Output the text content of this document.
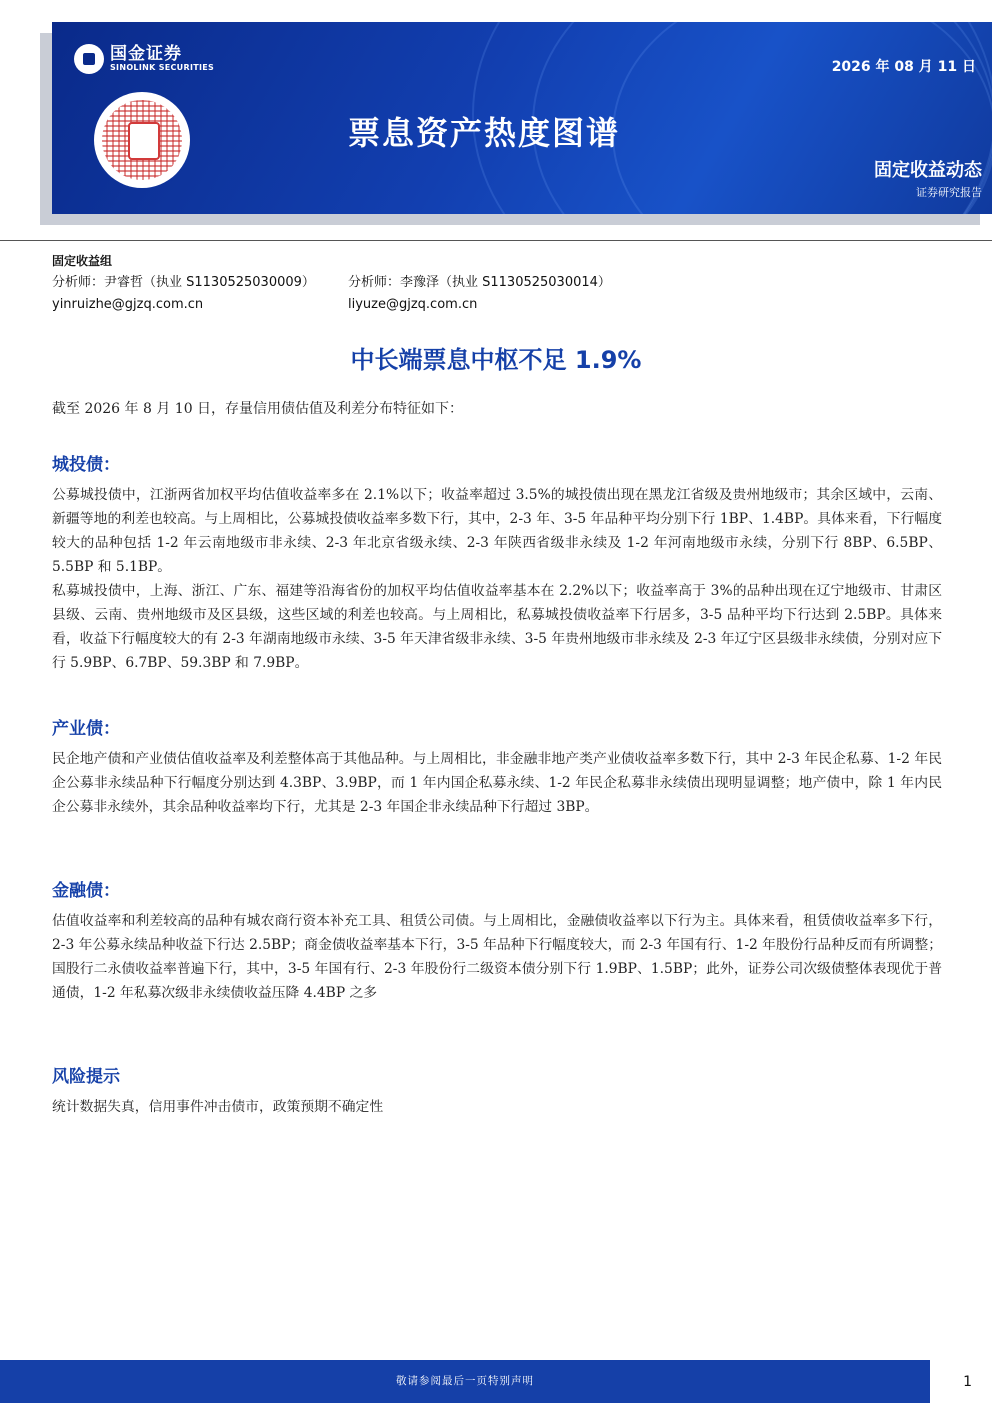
国金证券
SINOLINK SECURITIES	2026 年 08 月 11 日
票息资产热度图谱
固定收益动态
证券研究报告
固定收益组
分析师：尹睿哲（执业 S1130525030009）	分析师：李豫泽（执业 S1130525030014）
yinruizhe@gjzq.com.cn	liyuze@gjzq.com.cn
中长端票息中枢不足 1.9%
截至 2026 年 8 月 10 日，存量信用债估值及利差分布特征如下：
城投债：

公募城投债中，江浙两省加权平均估值收益率多在 2.1%以下；收益率超过 3.5%的城投债出现在黑龙江省级及贵州地级市；其余区域中，云南、新疆等地的利差也较高。与上周相比，公募城投债收益率多数下行，其中，2-3 年、3-5 年品种平均分别下行 1BP、1.4BP。具体来看，下行幅度较大的品种包括 1-2 年云南地级市非永续、2-3 年北京省级永续、2-3 年陕西省级非永续及 1-2 年河南地级市永续，分别下行 8BP、6.5BP、5.5BP 和 5.1BP。

私募城投债中，上海、浙江、广东、福建等沿海省份的加权平均估值收益率基本在 2.2%以下；收益率高于 3%的品种出现在辽宁地级市、甘肃区县级、云南、贵州地级市及区县级，这些区域的利差也较高。与上周相比，私募城投债收益率下行居多，3-5 品种平均下行达到 2.5BP。具体来看，收益下行幅度较大的有 2-3 年湖南地级市永续、3-5 年天津省级非永续、3-5 年贵州地级市非永续及 2-3 年辽宁区县级非永续债，分别对应下行 5.9BP、6.7BP、59.3BP 和 7.9BP。

产业债：

民企地产债和产业债估值收益率及利差整体高于其他品种。与上周相比，非金融非地产类产业债收益率多数下行，其中 2-3 年民企私募、1-2 年民企公募非永续品种下行幅度分别达到 4.3BP、3.9BP，而 1 年内国企私募永续、1-2 年民企私募非永续债出现明显调整；地产债中，除 1 年内民企公募非永续外，其余品种收益率均下行，尤其是 2-3 年国企非永续品种下行超过 3BP。

金融债：

估值收益率和利差较高的品种有城农商行资本补充工具、租赁公司债。与上周相比，金融债收益率以下行为主。具体来看，租赁债收益率多下行，2-3 年公募永续品种收益下行达 2.5BP；商金债收益率基本下行，3-5 年品种下行幅度较大，而 2-3 年国有行、1-2 年股份行品种反而有所调整；国股行二永债收益率普遍下行，其中，3-5 年国有行、2-3 年股份行二级资本债分别下行 1.9BP、1.5BP；此外，证券公司次级债整体表现优于普通债，1-2 年私募次级非永续债收益压降 4.4BP 之多

风险提示

统计数据失真，信用事件冲击债市，政策预期不确定性

敬请参阅最后一页特别声明	1
